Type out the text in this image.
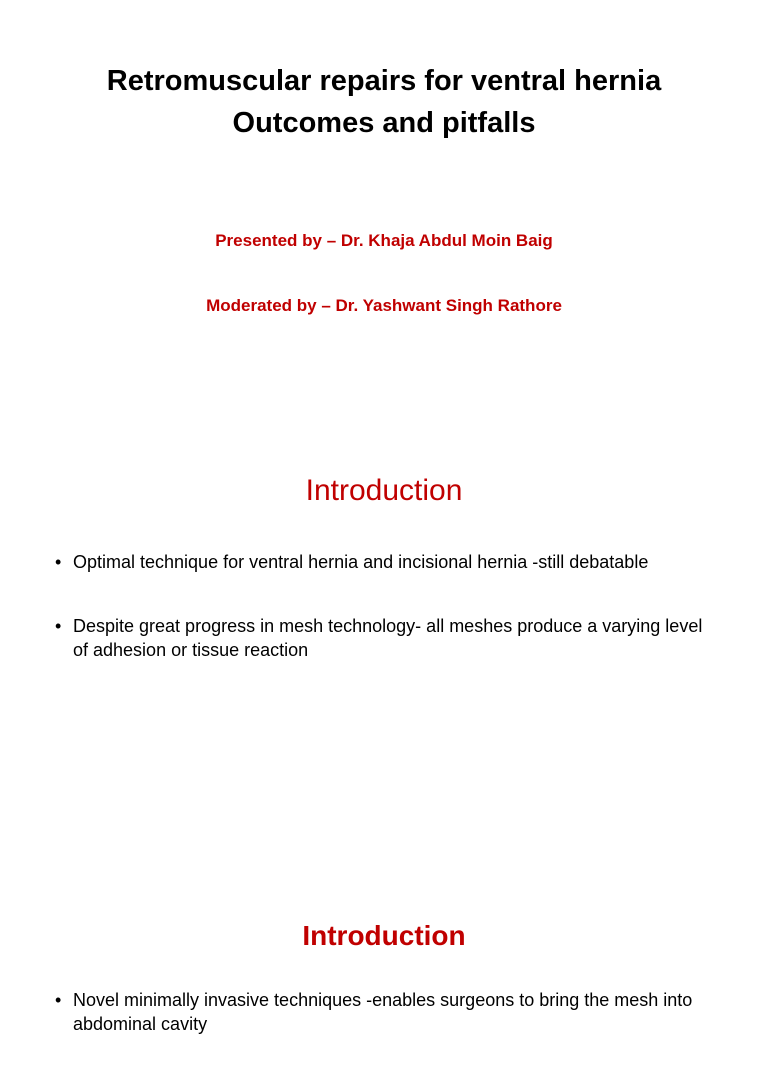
Retromuscular repairs for ventral hernia
Outcomes and pitfalls
Presented by – Dr. Khaja Abdul Moin Baig
Moderated by – Dr. Yashwant Singh Rathore
Introduction
• Optimal technique for ventral hernia and incisional hernia -still debatable
• Despite great progress in mesh technology- all meshes produce a varying level of adhesion or tissue reaction
Introduction
• Novel minimally invasive techniques -enables surgeons to bring the mesh into abdominal cavity
